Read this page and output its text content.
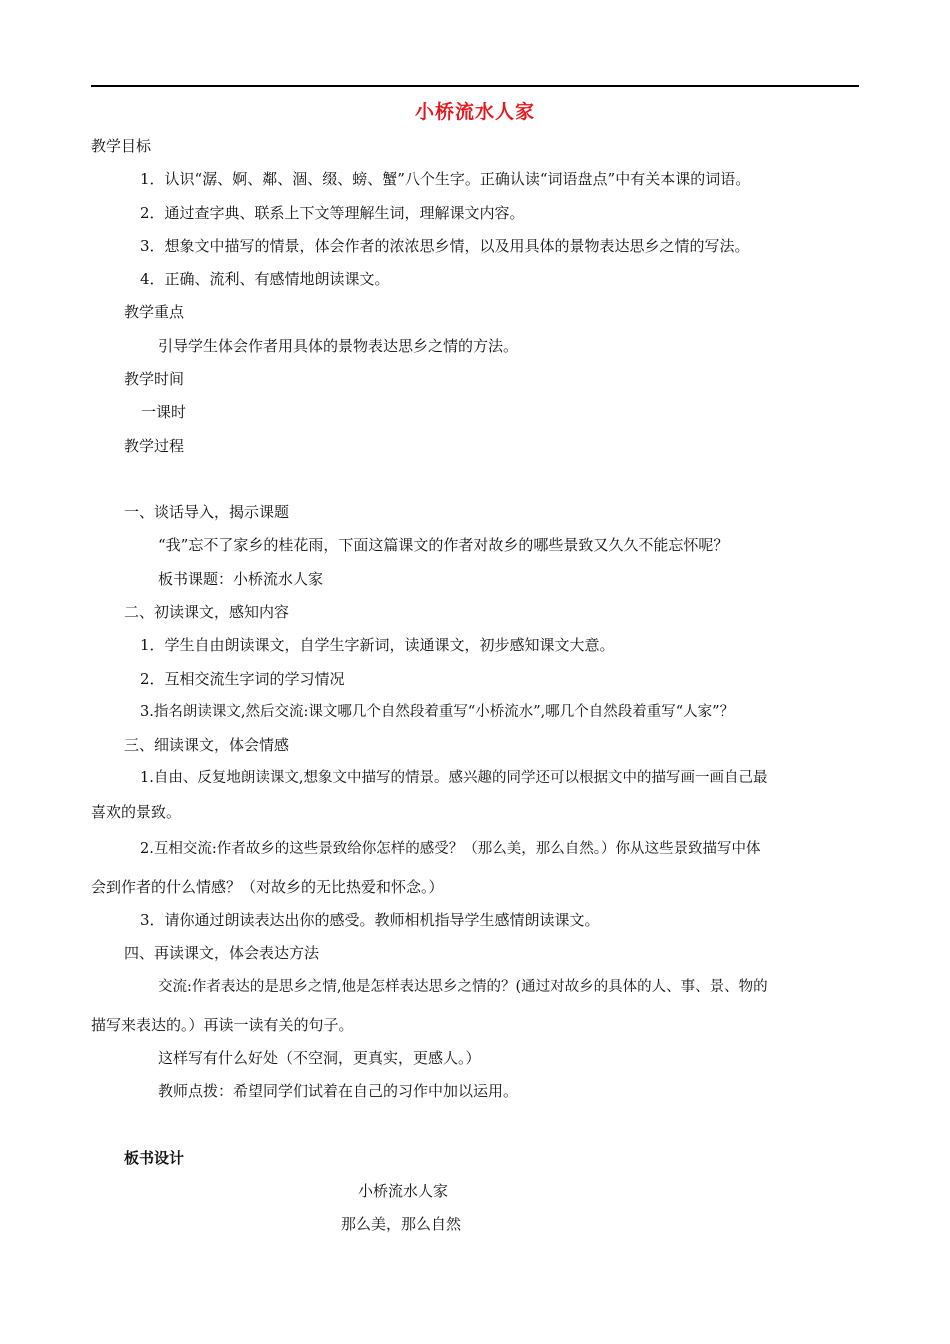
小桥流水人家
教学目标
1．认识“潺、婀、鄰、涸、缀、螃、蟹”八个生字。正确认读“词语盘点”中有关本课的词语。
2．通过查字典、联系上下文等理解生词，理解课文内容。
3．想象文中描写的情景，体会作者的浓浓思乡情，以及用具体的景物表达思乡之情的写法。
4．正确、流利、有感情地朗读课文。
教学重点
引导学生体会作者用具体的景物表达思乡之情的方法。
教学时间
一课时
教学过程
一、谈话导入，揭示课题
“我”忘不了家乡的桂花雨，下面这篇课文的作者对故乡的哪些景致又久久不能忘怀呢？
板书课题：小桥流水人家
二、初读课文，感知内容
1．学生自由朗读课文，自学生字新词，读通课文，初步感知课文大意。
2．互相交流生字词的学习情况
3.指名朗读课文,然后交流:课文哪几个自然段着重写“小桥流水”,哪几个自然段着重写“人家”？
三、细读课文，体会情感
1.自由、反复地朗读课文,想象文中描写的情景。感兴趣的同学还可以根据文中的描写画一画自己最
喜欢的景致。
2.互相交流:作者故乡的这些景致给你怎样的感受？（那么美，那么自然。）你从这些景致描写中体
会到作者的什么情感？（对故乡的无比热爱和怀念。）
3．请你通过朗读表达出你的感受。教师相机指导学生感情朗读课文。
四、再读课文，体会表达方法
交流:作者表达的是思乡之情,他是怎样表达思乡之情的？(通过对故乡的具体的人、事、景、物的
描写来表达的。）再读一读有关的句子。
这样写有什么好处（不空洞，更真实，更感人。）
教师点拨：希望同学们试着在自己的习作中加以运用。
板书设计
小桥流水人家
那么美，那么自然
